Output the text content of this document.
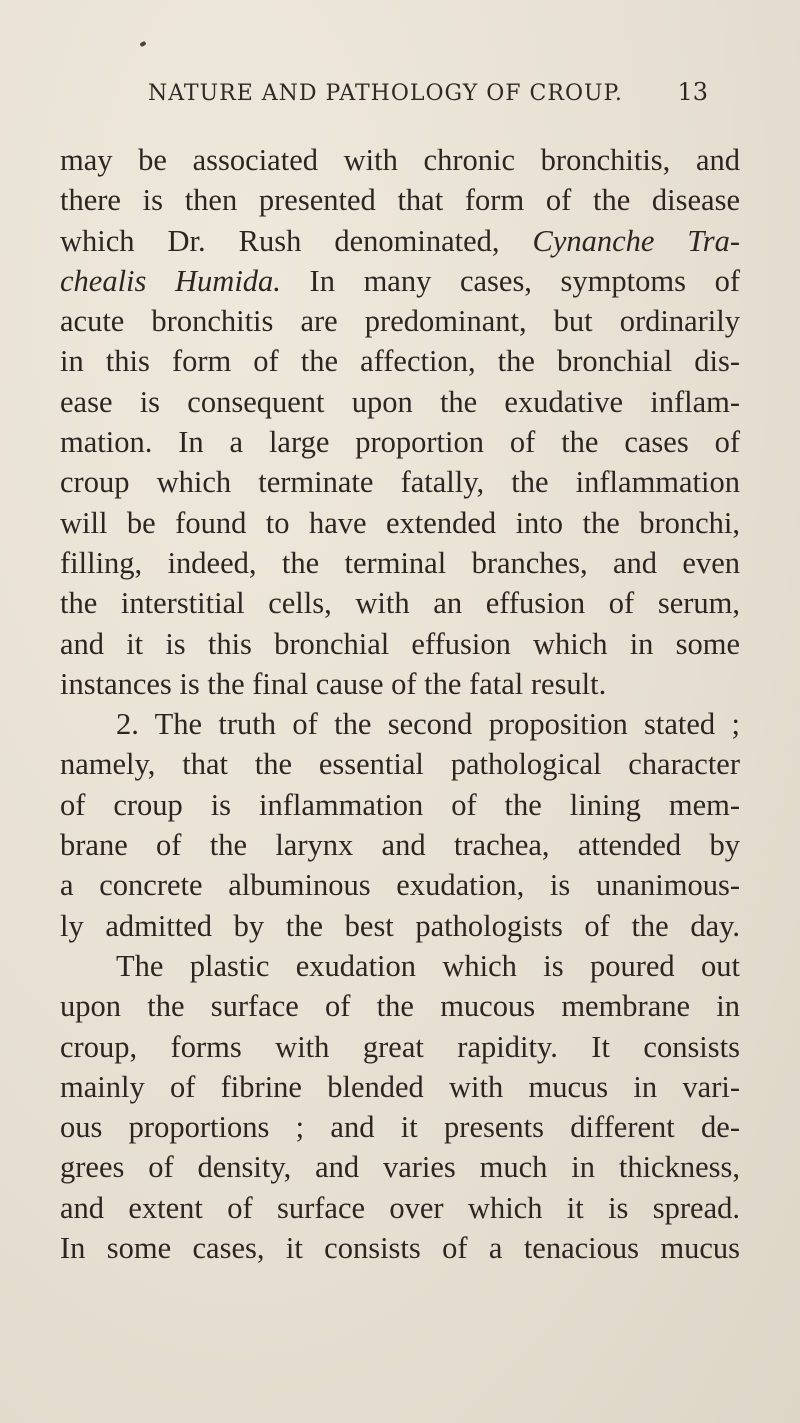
NATURE AND PATHOLOGY OF CROUP. 13
may be associated with chronic bronchitis, and
there is then presented that form of the disease
which Dr. Rush denominated, Cynanche Tra-
chealis Humida. In many cases, symptoms of
acute bronchitis are predominant, but ordinarily
in this form of the affection, the bronchial dis-
ease is consequent upon the exudative inflam-
mation. In a large proportion of the cases of
croup which terminate fatally, the inflammation
will be found to have extended into the bronchi,
filling, indeed, the terminal branches, and even
the interstitial cells, with an effusion of serum,
and it is this bronchial effusion which in some
instances is the final cause of the fatal result.
2. The truth of the second proposition stated ;
namely, that the essential pathological character
of croup is inflammation of the lining mem-
brane of the larynx and trachea, attended by
a concrete albuminous exudation, is unanimous-
ly admitted by the best pathologists of the day.
The plastic exudation which is poured out
upon the surface of the mucous membrane in
croup, forms with great rapidity. It consists
mainly of fibrine blended with mucus in vari-
ous proportions ; and it presents different de-
grees of density, and varies much in thickness,
and extent of surface over which it is spread.
In some cases, it consists of a tenacious mucus
